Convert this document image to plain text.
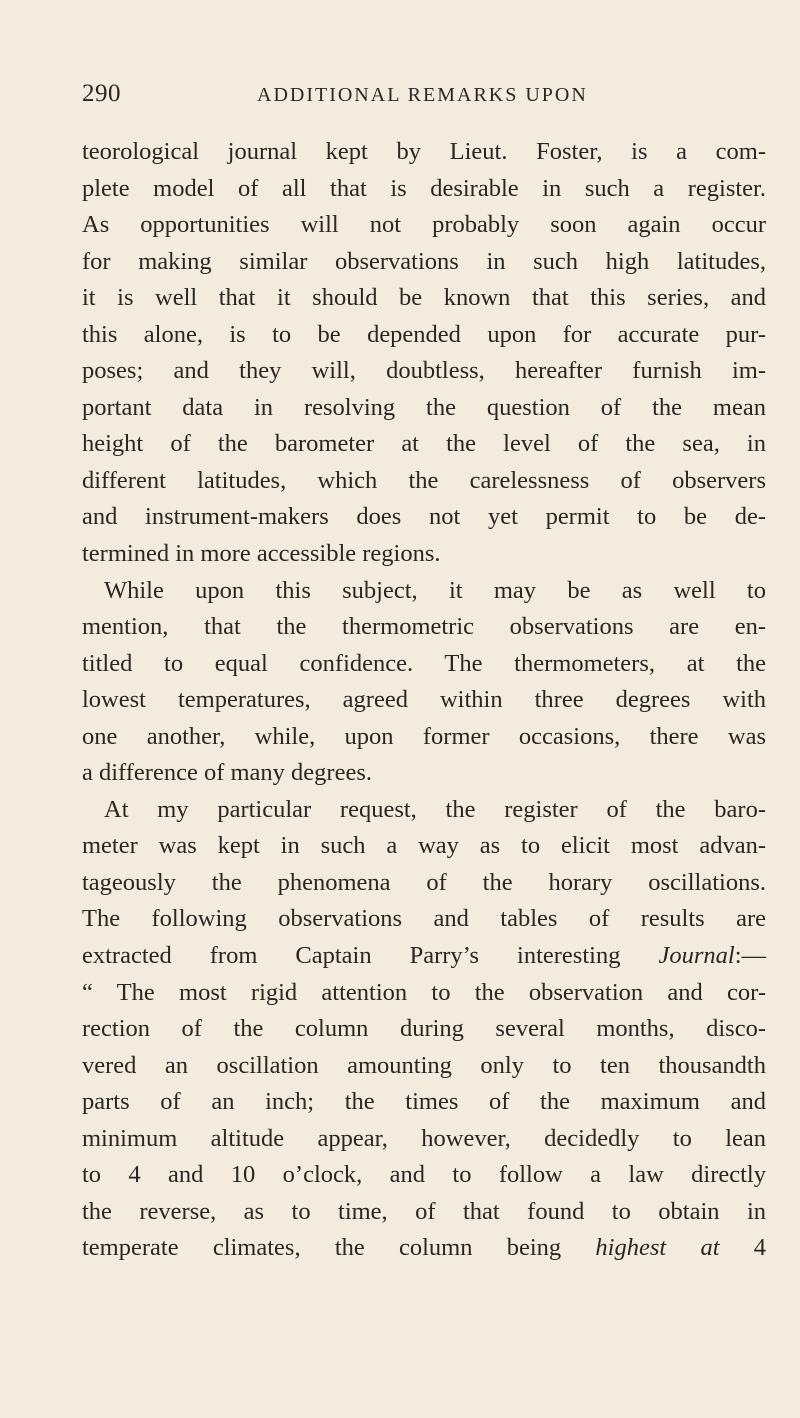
290	ADDITIONAL REMARKS UPON
teorological journal kept by Lieut. Foster, is a com-
plete model of all that is desirable in such a register.
As opportunities will not probably soon again occur
for making similar observations in such high latitudes,
it is well that it should be known that this series, and
this alone, is to be depended upon for accurate pur-
poses; and they will, doubtless, hereafter furnish im-
portant data in resolving the question of the mean
height of the barometer at the level of the sea, in
different latitudes, which the carelessness of observers
and instrument-makers does not yet permit to be de-
termined in more accessible regions.
While upon this subject, it may be as well to
mention, that the thermometric observations are en-
titled to equal confidence. The thermometers, at the
lowest temperatures, agreed within three degrees with
one another, while, upon former occasions, there was
a difference of many degrees.
At my particular request, the register of the baro-
meter was kept in such a way as to elicit most advan-
tageously the phenomena of the horary oscillations.
The following observations and tables of results are
extracted from Captain Parry’s interesting Journal:—
“ The most rigid attention to the observation and cor-
rection of the column during several months, disco-
vered an oscillation amounting only to ten thousandth
parts of an inch; the times of the maximum and
minimum altitude appear, however, decidedly to lean
to 4 and 10 o’clock, and to follow a law directly
the reverse, as to time, of that found to obtain in
temperate climates, the column being highest at 4
